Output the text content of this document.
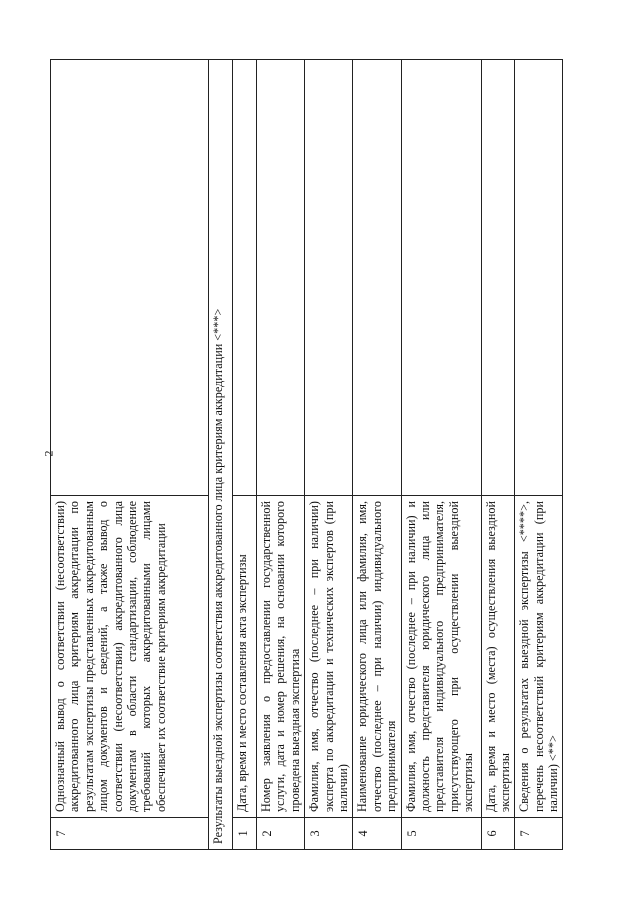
2
7	Однозначный вывод о соответствии (несоответствии) аккредитованного лица критериям аккредитации по результатам экспертизы представленных аккредитованным лицом документов и сведений, а также вывод о соответствии (несоответствии) аккредитованного лица документам в области стандартизации, соблюдение требований которых аккредитованными лицами обеспечивает их соответствие критериям аккредитации	
Результаты выездной экспертизы соответствия аккредитованного лица критериям аккредитации <***>		
1	Дата, время и место составления акта экспертизы	
2	Номер заявления о предоставлении государственной услуги, дата и номер решения, на основании которого проведена выездная экспертиза	
3	Фамилия, имя, отчество (последнее – при наличии) эксперта по аккредитации и технических экспертов (при наличии)	
4	Наименование юридического лица или фамилия, имя, отчество (последнее – при наличии) индивидуального предпринимателя	
5	Фамилия, имя, отчество (последнее – при наличии) и должность представителя юридического лица или представителя индивидуального предпринимателя, присутствующего при осуществлении выездной экспертизы	
6	Дата, время и место (места) осуществления выездной экспертизы	
7	Сведения о результатах выездной экспертизы <****>, перечень несоответствий критериям аккредитации (при наличии) <**>	
